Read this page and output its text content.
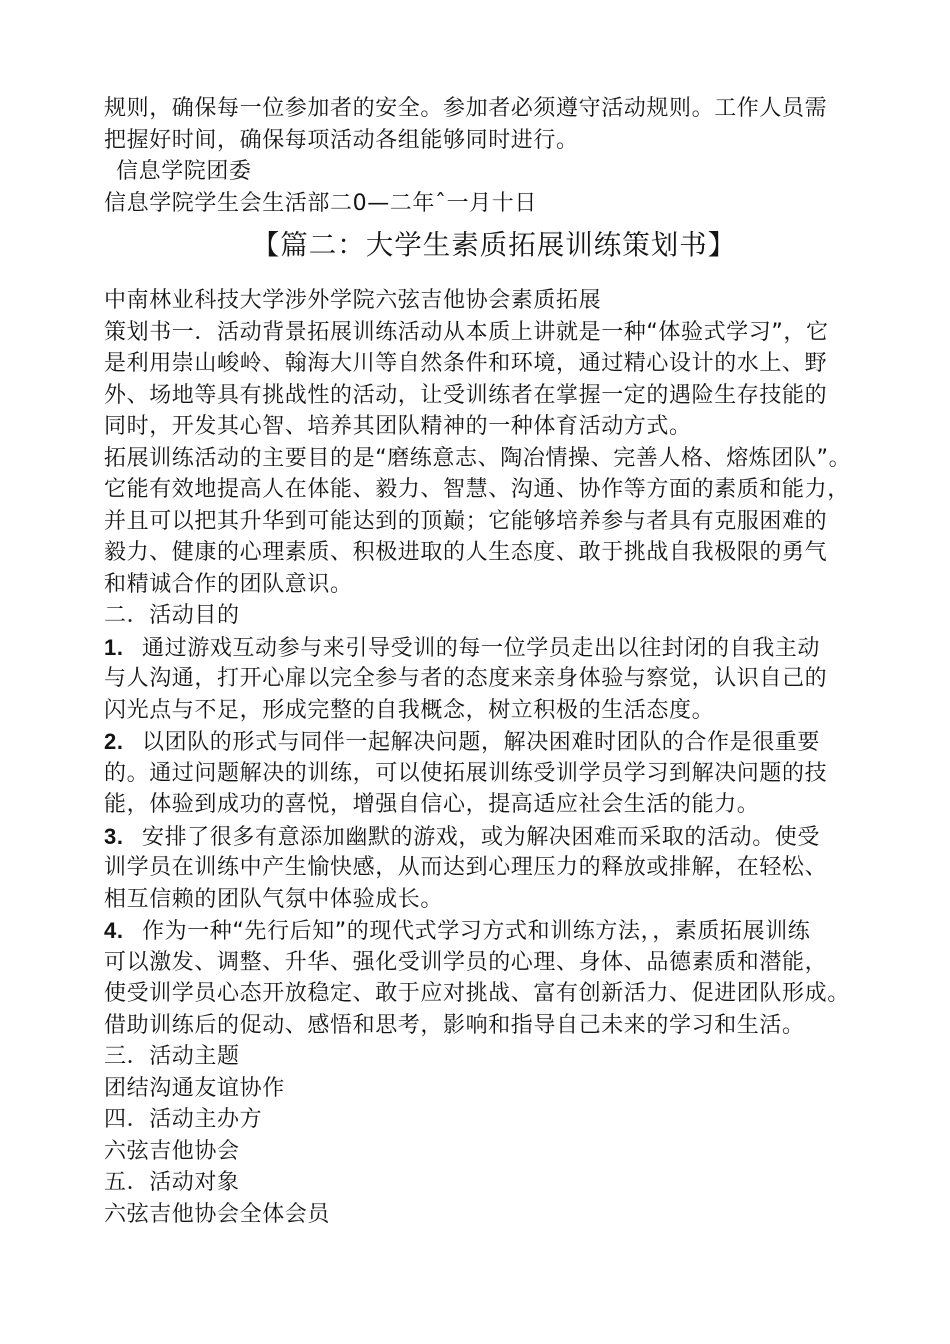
规则，确保每一位参加者的安全。参加者必须遵守活动规则。工作人员需
把握好时间，确保每项活动各组能够同时进行。
信息学院团委
信息学院学生会生活部二0—二年ˆ一月十日
【篇二：大学生素质拓展训练策划书】
中南林业科技大学涉外学院六弦吉他协会素质拓展
策划书一．活动背景拓展训练活动从本质上讲就是一种“体验式学习”，它
是利用崇山峻岭、翰海大川等自然条件和环境，通过精心设计的水上、野
外、场地等具有挑战性的活动，让受训练者在掌握一定的遇险生存技能的
同时，开发其心智、培养其团队精神的一种体育活动方式。
拓展训练活动的主要目的是“磨练意志、陶冶情操、完善人格、熔炼团队”。
它能有效地提高人在体能、毅力、智慧、沟通、协作等方面的素质和能力，
并且可以把其升华到可能达到的顶巅；它能够培养参与者具有克服困难的
毅力、健康的心理素质、积极进取的人生态度、敢于挑战自我极限的勇气
和精诚合作的团队意识。
二．活动目的
1. 通过游戏互动参与来引导受训的每一位学员走出以往封闭的自我主动
与人沟通，打开心扉以完全参与者的态度来亲身体验与察觉，认识自己的
闪光点与不足，形成完整的自我概念，树立积极的生活态度。
2. 以团队的形式与同伴一起解决问题，解决困难时团队的合作是很重要
的。通过问题解决的训练，可以使拓展训练受训学员学习到解决问题的技
能，体验到成功的喜悦，增强自信心，提高适应社会生活的能力。
3. 安排了很多有意添加幽默的游戏，或为解决困难而采取的活动。使受
训学员在训练中产生愉快感，从而达到心理压力的释放或排解，在轻松、
相互信赖的团队气氛中体验成长。
4. 作为一种“先行后知”的现代式学习方式和训练方法，，素质拓展训练
可以激发、调整、升华、强化受训学员的心理、身体、品德素质和潜能，
使受训学员心态开放稳定、敢于应对挑战、富有创新活力、促进团队形成。
借助训练后的促动、感悟和思考，影响和指导自己未来的学习和生活。
三．活动主题
团结沟通友谊协作
四．活动主办方
六弦吉他协会
五．活动对象
六弦吉他协会全体会员
